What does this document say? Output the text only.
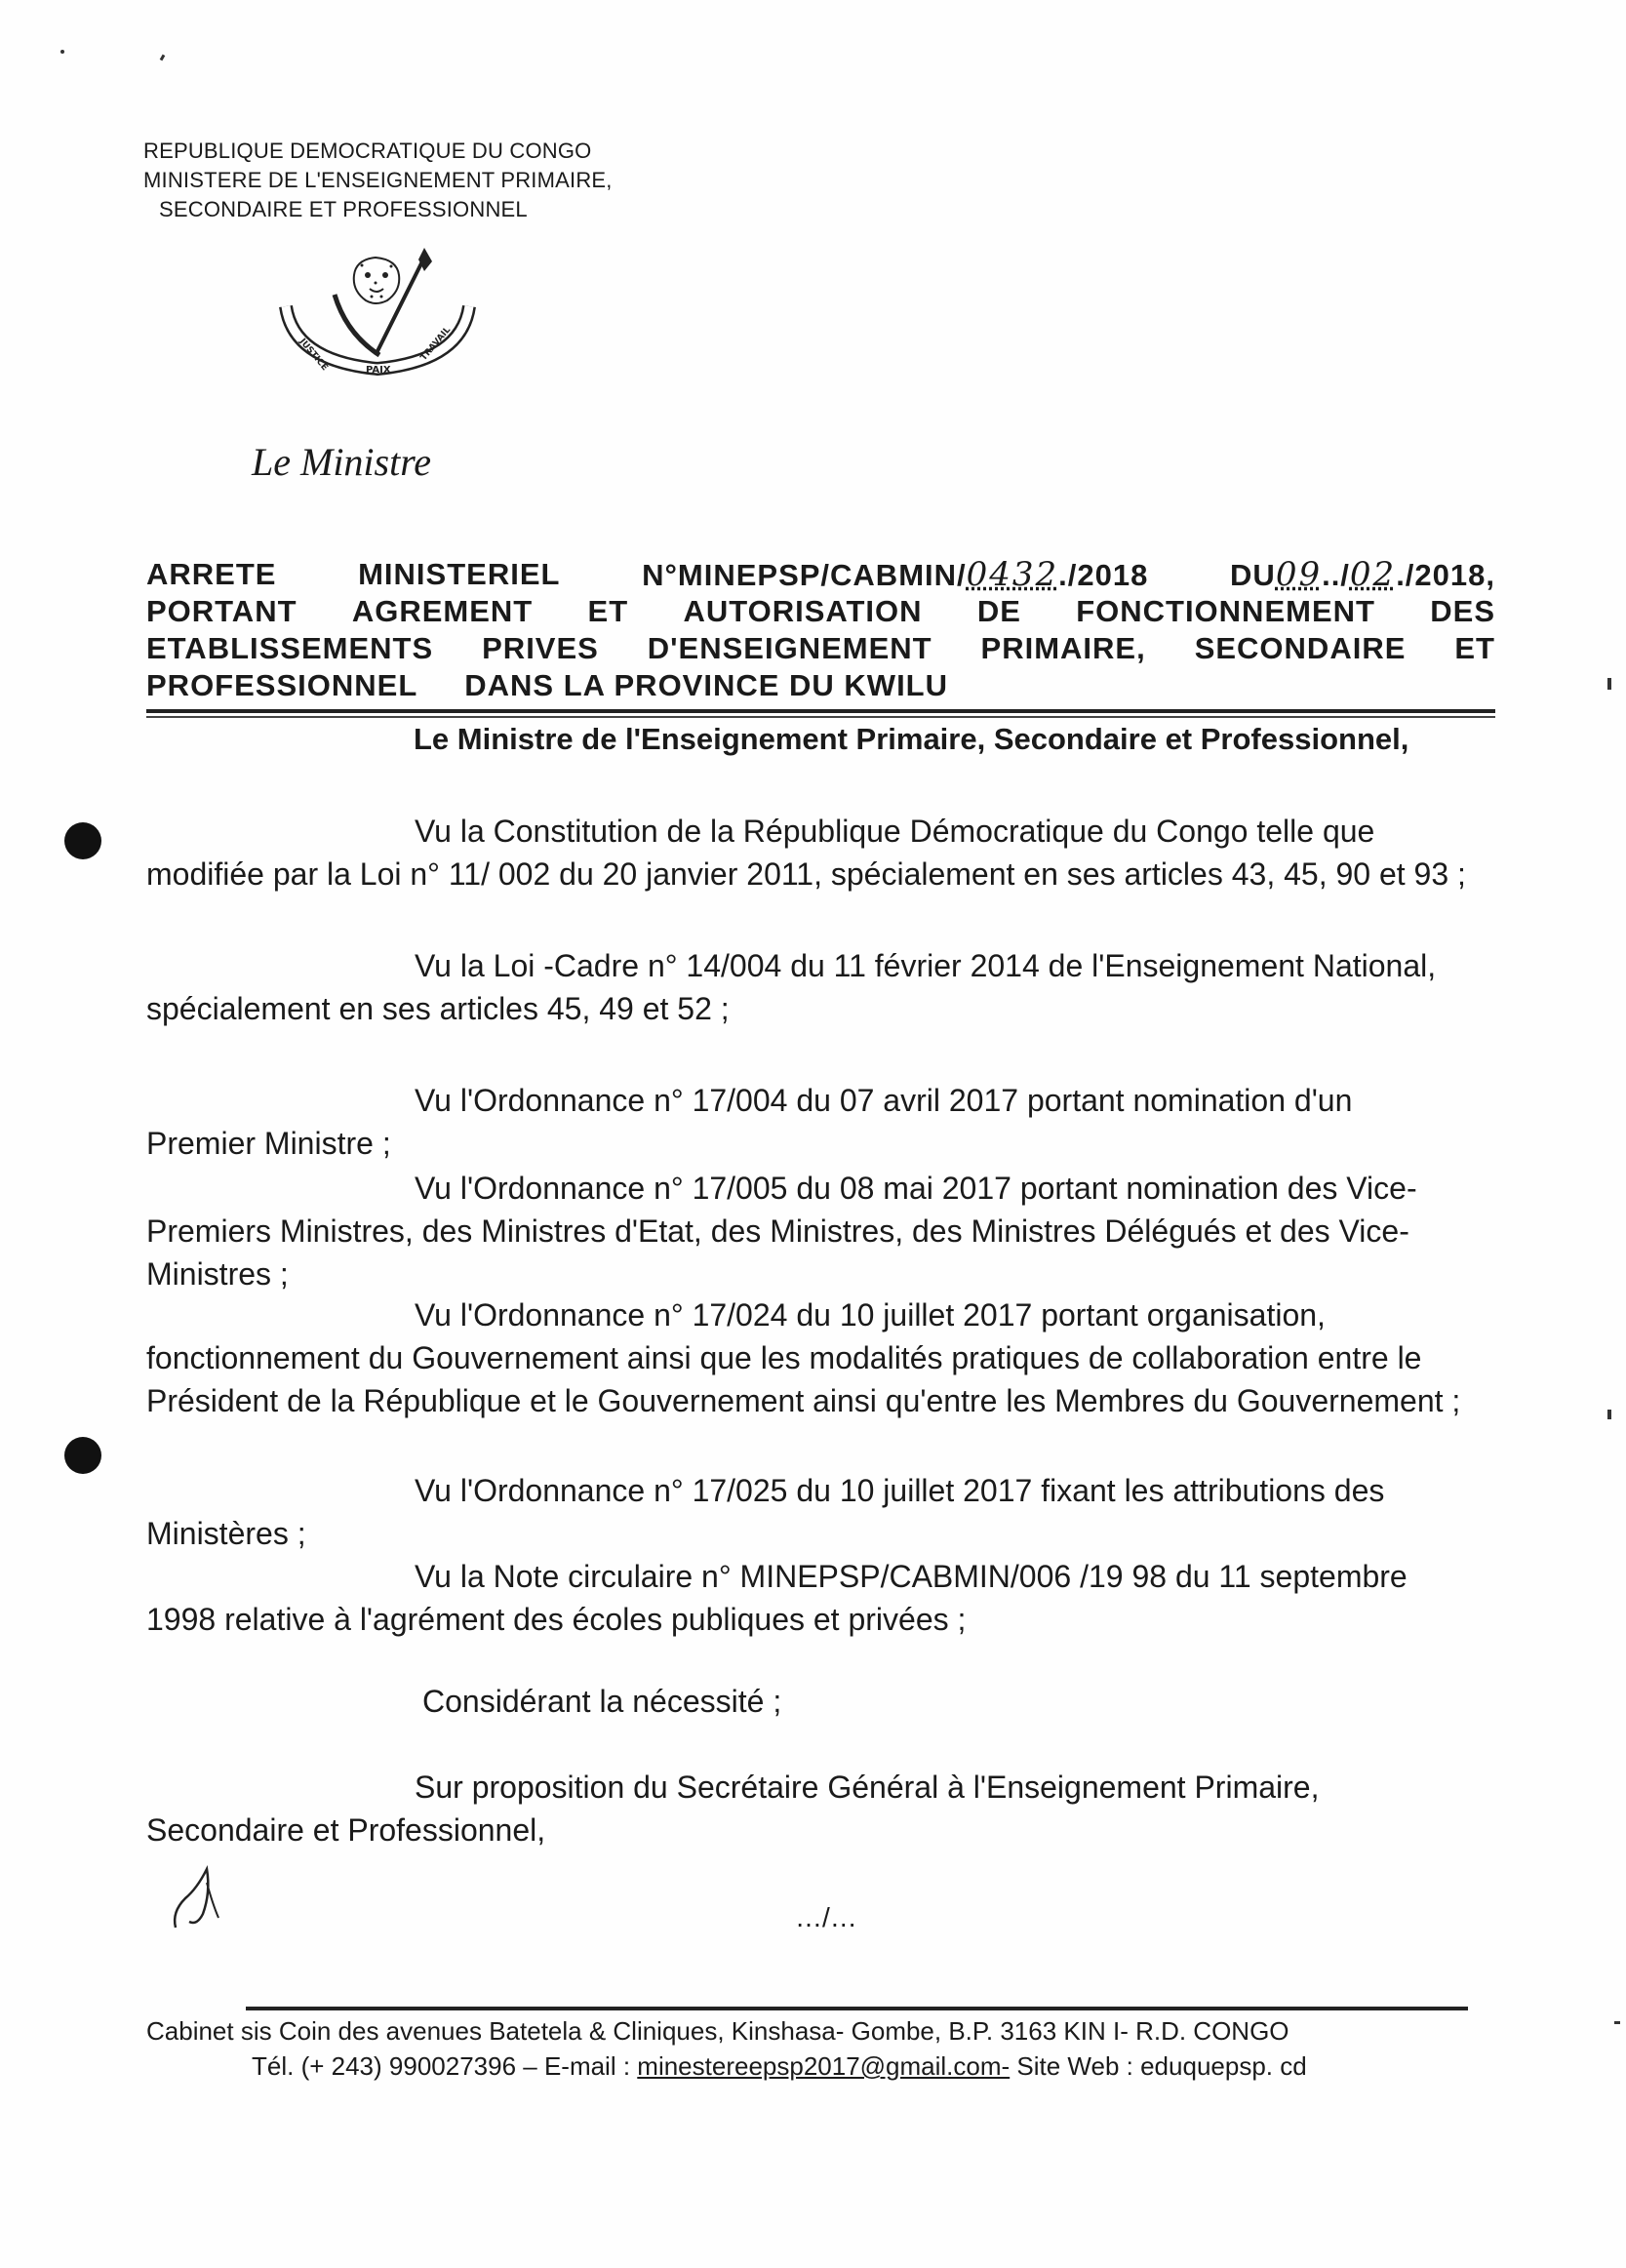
REPUBLIQUE DEMOCRATIQUE DU CONGO
MINISTERE DE L'ENSEIGNEMENT PRIMAIRE,
SECONDAIRE ET PROFESSIONNEL
JUSTICE	PAIX
TRAVAIL
Le Ministre
ARRETE	MINISTERIEL	N°MINEPSP/CABMIN/0432./2018	DU09../02./2018,
PORTANT AGREMENT ET AUTORISATION DE FONCTIONNEMENT DES
ETABLISSEMENTS PRIVES D'ENSEIGNEMENT PRIMAIRE, SECONDAIRE ET
PROFESSIONNEL DANS LA PROVINCE DU KWILU
Le Ministre de l'Enseignement Primaire, Secondaire et Professionnel,
Vu la Constitution de la République Démocratique du Congo telle que
modifiée par la Loi n° 11/ 002 du 20 janvier 2011, spécialement en ses articles 43, 45, 90 et 93 ;
Vu la Loi -Cadre n° 14/004 du 11 février 2014 de l'Enseignement National,
spécialement en ses articles 45, 49 et 52 ;
Vu l'Ordonnance n° 17/004 du 07 avril 2017 portant nomination d'un
Premier Ministre ;
Vu l'Ordonnance n° 17/005 du 08 mai 2017 portant nomination des Vice-
Premiers Ministres, des Ministres d'Etat, des Ministres, des Ministres Délégués et des Vice-
Ministres ;
Vu l'Ordonnance n° 17/024 du 10 juillet 2017 portant organisation,
fonctionnement du Gouvernement ainsi que les modalités pratiques de collaboration entre le
Président de la République et le Gouvernement ainsi qu'entre les Membres du Gouvernement ;
Vu l'Ordonnance n° 17/025 du 10 juillet 2017 fixant les attributions des
Ministères ;
Vu la Note circulaire n° MINEPSP/CABMIN/006 /19 98 du 11 septembre
1998 relative à l'agrément des écoles publiques et privées ;
Considérant la nécessité ;
Sur proposition du Secrétaire Général à l'Enseignement Primaire,
Secondaire et Professionnel,
…/…
Cabinet sis Coin des avenues Batetela & Cliniques, Kinshasa- Gombe, B.P. 3163 KIN I- R.D. CONGO
Tél. (+ 243) 990027396 – E-mail : minestereepsp2017@gmail.com- Site Web : eduquepsp. cd
